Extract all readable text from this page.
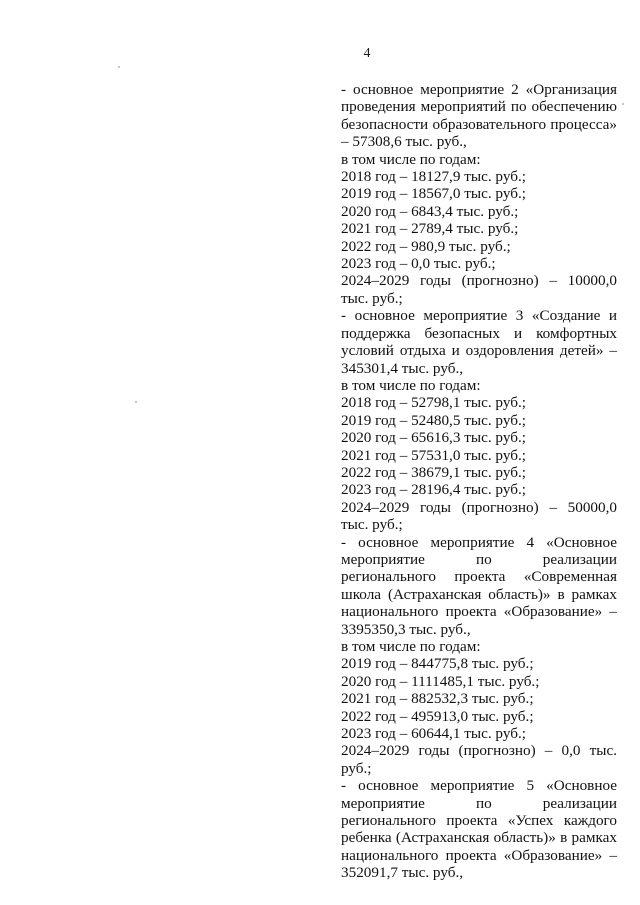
4

- основное мероприятие 2 «Организация проведения мероприятий по обеспечению безопасности образовательного процесса» – 57308,6 тыс. руб.,

в том числе по годам:

2018 год – 18127,9 тыс. руб.;

2019 год – 18567,0 тыс. руб.;

2020 год – 6843,4 тыс. руб.;

2021 год – 2789,4 тыс. руб.;

2022 год – 980,9 тыс. руб.;

2023 год – 0,0 тыс. руб.;

2024–2029 годы (прогнозно) – 10000,0 тыс. руб.;

- основное мероприятие 3 «Создание и поддержка безопасных и комфортных условий отдыха и оздоровления детей» – 345301,4 тыс. руб.,

в том числе по годам:

2018 год – 52798,1 тыс. руб.;

2019 год – 52480,5 тыс. руб.;

2020 год – 65616,3 тыс. руб.;

2021 год – 57531,0 тыс. руб.;

2022 год – 38679,1 тыс. руб.;

2023 год – 28196,4 тыс. руб.;

2024–2029 годы (прогнозно) – 50000,0 тыс. руб.;

- основное мероприятие 4 «Основное мероприятие по реализации регионального проекта «Современная школа (Астраханская область)» в рамках национального проекта «Образование» – 3395350,3 тыс. руб.,

в том числе по годам:

2019 год – 844775,8 тыс. руб.;

2020 год – 1111485,1 тыс. руб.;

2021 год – 882532,3 тыс. руб.;

2022 год – 495913,0 тыс. руб.;

2023 год – 60644,1 тыс. руб.;

2024–2029 годы (прогнозно) – 0,0 тыс. руб.;

- основное мероприятие 5 «Основное мероприятие по реализации регионального проекта «Успех каждого ребенка (Астраханская область)» в рамках национального проекта «Образование» – 352091,7 тыс. руб.,
